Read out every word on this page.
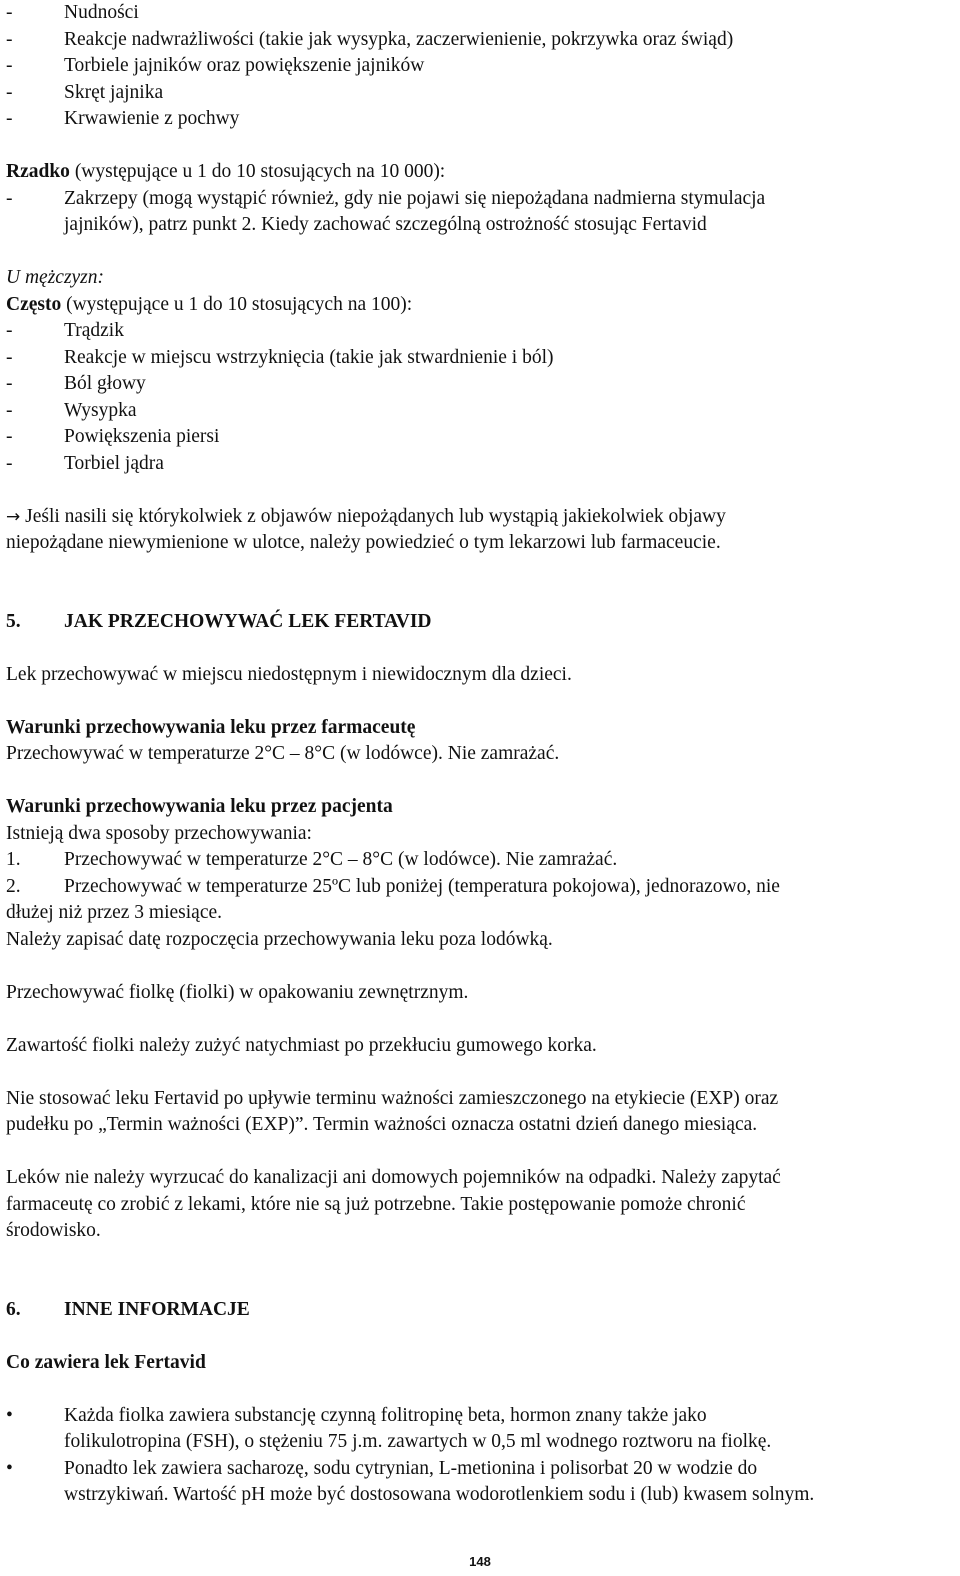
-	Nudności
-	Reakcje nadwrażliwości (takie jak wysypka, zaczerwienienie, pokrzywka oraz świąd)
-	Torbiele jajników oraz powiększenie jajników
-	Skręt jajnika
-	Krwawienie z pochwy
Rzadko (występujące u 1 do 10 stosujących na 10 000):
-	Zakrzepy (mogą wystąpić również, gdy nie pojawi się niepożądana nadmierna stymulacja
jajników), patrz punkt 2. Kiedy zachować szczególną ostrożność stosując Fertavid
U mężczyzn:
Często (występujące u 1 do 10 stosujących na 100):
-	Trądzik
-	Reakcje w miejscu wstrzyknięcia (takie jak stwardnienie i ból)
-	Ból głowy
-	Wysypka
-	Powiększenia piersi
-	Torbiel jądra
→ Jeśli nasili się którykolwiek z objawów niepożądanych lub wystąpią jakiekolwiek objawy
niepożądane niewymienione w ulotce, należy powiedzieć o tym lekarzowi lub farmaceucie.
5. JAK PRZECHOWYWAĆ LEK FERTAVID
Lek przechowywać w miejscu niedostępnym i niewidocznym dla dzieci.
Warunki przechowywania leku przez farmaceutę
Przechowywać w temperaturze 2°C – 8°C (w lodówce). Nie zamrażać.
Warunki przechowywania leku przez pacjenta
Istnieją dwa sposoby przechowywania:
1. Przechowywać w temperaturze 2°C – 8°C (w lodówce). Nie zamrażać.
2. Przechowywać w temperaturze 25ºC lub poniżej (temperatura pokojowa), jednorazowo, nie
dłużej niż przez 3 miesiące.
Należy zapisać datę rozpoczęcia przechowywania leku poza lodówką.
Przechowywać fiolkę (fiolki) w opakowaniu zewnętrznym.
Zawartość fiolki należy zużyć natychmiast po przekłuciu gumowego korka.
Nie stosować leku Fertavid po upływie terminu ważności zamieszczonego na etykiecie (EXP) oraz
pudełku po „Termin ważności (EXP)”. Termin ważności oznacza ostatni dzień danego miesiąca.
Leków nie należy wyrzucać do kanalizacji ani domowych pojemników na odpadki. Należy zapytać
farmaceutę co zrobić z lekami, które nie są już potrzebne. Takie postępowanie pomoże chronić
środowisko.
6. INNE INFORMACJE
Co zawiera lek Fertavid
•	Każda fiolka zawiera substancję czynną folitropinę beta, hormon znany także jako
folikulotropina (FSH), o stężeniu 75 j.m. zawartych w 0,5 ml wodnego roztworu na fiolkę.
•	Ponadto lek zawiera sacharozę, sodu cytrynian, L-metionina i polisorbat 20 w wodzie do
wstrzykiwań. Wartość pH może być dostosowana wodorotlenkiem sodu i (lub) kwasem solnym.
148
